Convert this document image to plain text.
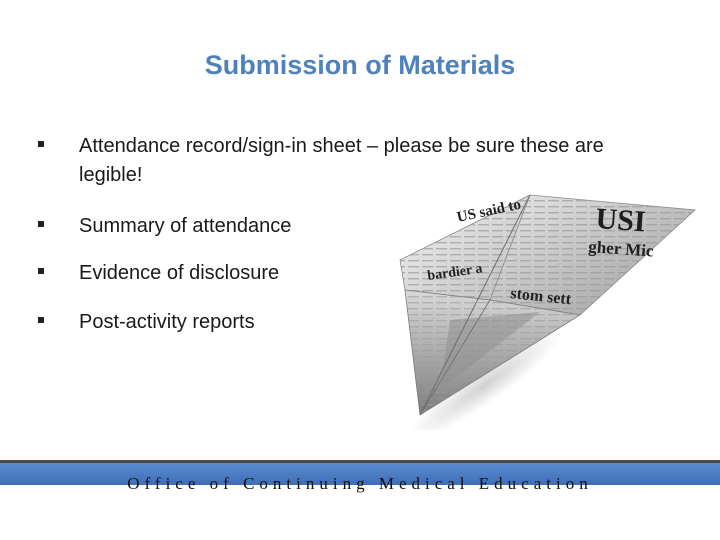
Submission of Materials
Attendance record/sign-in sheet – please be sure these are legible!
Summary of attendance
Evidence of disclosure
Post-activity reports
US said to USI
gher Mic
bardier a
stom sett
Office of Continuing Medical Education
